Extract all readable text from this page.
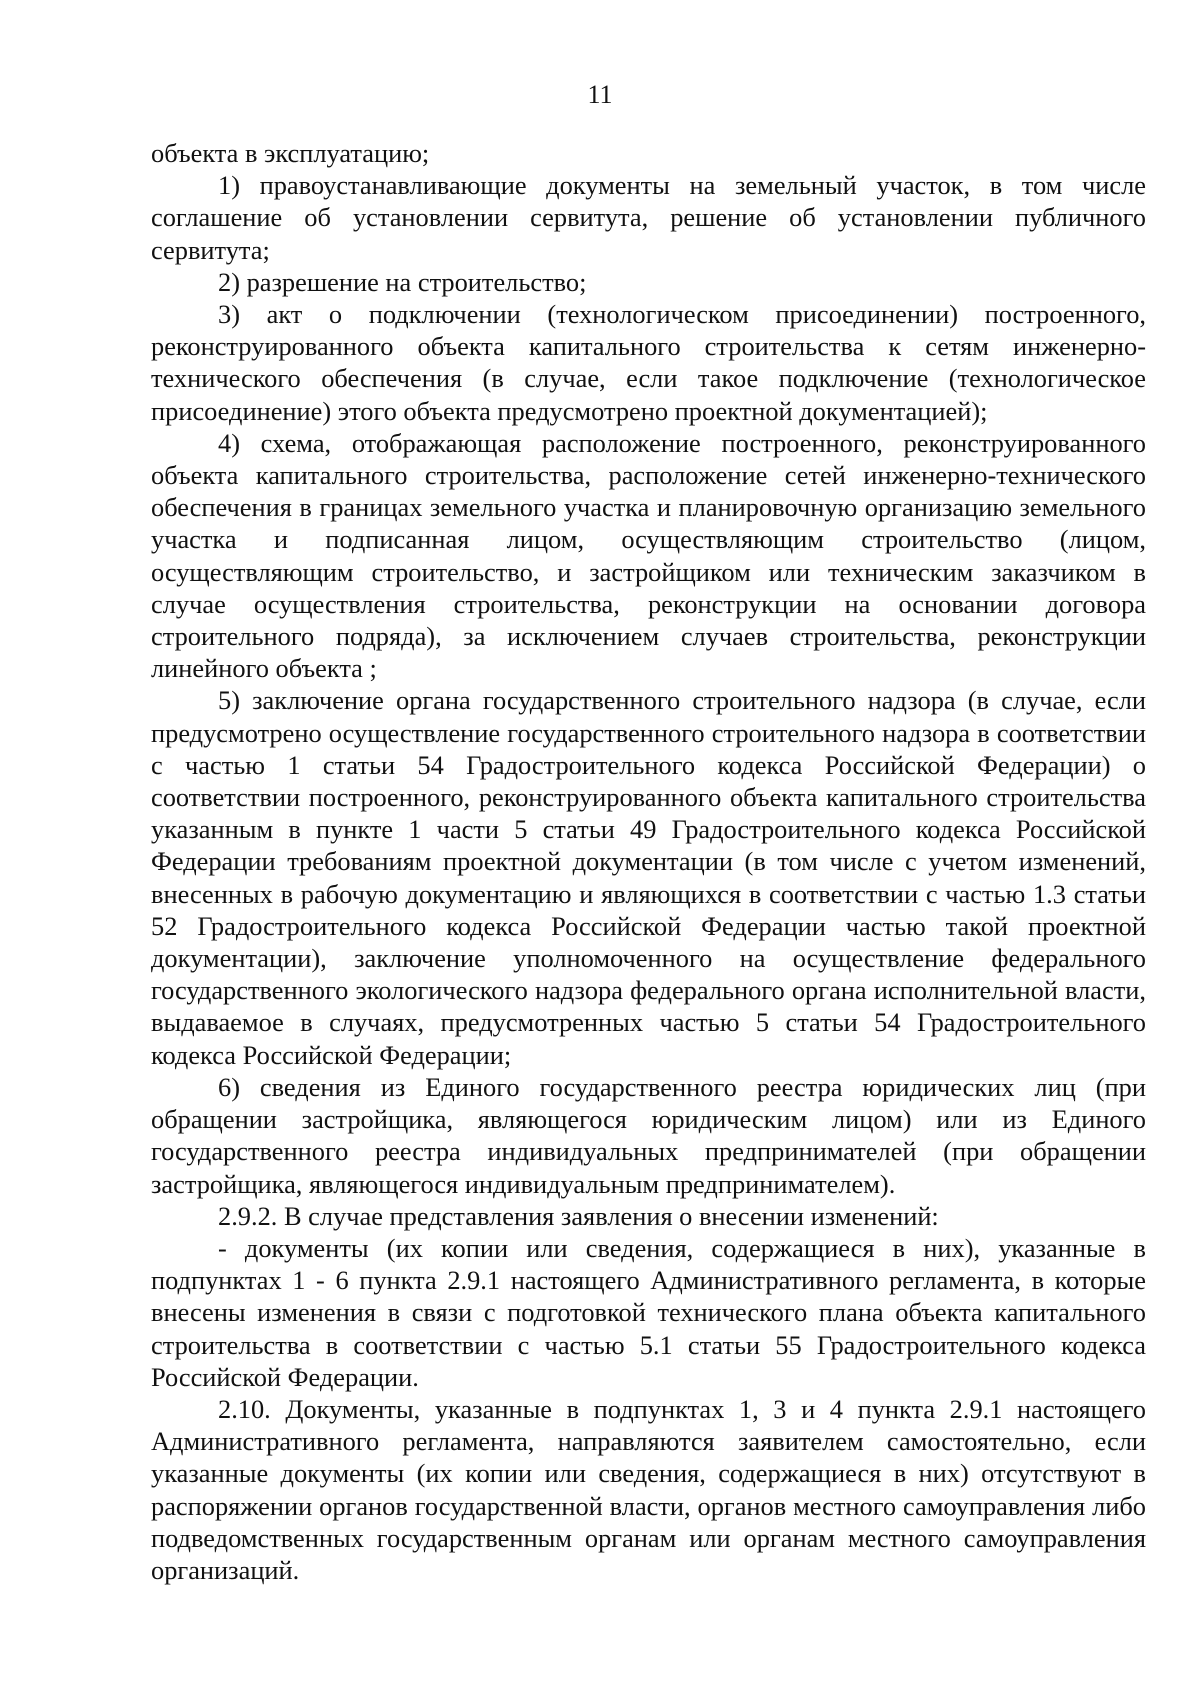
11

объекта в эксплуатацию;

1) правоустанавливающие документы на земельный участок, в том числе соглашение об установлении сервитута, решение об установлении публичного сервитута;

2) разрешение на строительство;

3) акт о подключении (технологическом присоединении) построенного, реконструированного объекта капитального строительства к сетям инженерно-технического обеспечения (в случае, если такое подключение (технологическое присоединение) этого объекта предусмотрено проектной документацией);

4) схема, отображающая расположение построенного, реконструированного объекта капитального строительства, расположение сетей инженерно-технического обеспечения в границах земельного участка и планировочную организацию земельного участка и подписанная лицом, осуществляющим строительство (лицом, осуществляющим строительство, и застройщиком или техническим заказчиком в случае осуществления строительства, реконструкции на основании договора строительного подряда), за исключением случаев строительства, реконструкции линейного объекта ;

5) заключение органа государственного строительного надзора (в случае, если предусмотрено осуществление государственного строительного надзора в соответствии с частью 1 статьи 54 Градостроительного кодекса Российской Федерации) о соответствии построенного, реконструированного объекта капитального строительства указанным в пункте 1 части 5 статьи 49 Градостроительного кодекса Российской Федерации требованиям проектной документации (в том числе с учетом изменений, внесенных в рабочую документацию и являющихся в соответствии с частью 1.3 статьи 52 Градостроительного кодекса Российской Федерации частью такой проектной документации), заключение уполномоченного на осуществление федерального государственного экологического надзора федерального органа исполнительной власти, выдаваемое в случаях, предусмотренных частью 5 статьи 54 Градостроительного кодекса Российской Федерации;

6) сведения из Единого государственного реестра юридических лиц (при обращении застройщика, являющегося юридическим лицом) или из Единого государственного реестра индивидуальных предпринимателей (при обращении застройщика, являющегося индивидуальным предпринимателем).

2.9.2. В случае представления заявления о внесении изменений:

- документы (их копии или сведения, содержащиеся в них), указанные в подпунктах 1 - 6 пункта 2.9.1 настоящего Административного регламента, в которые внесены изменения в связи с подготовкой технического плана объекта капитального строительства в соответствии с частью 5.1 статьи 55 Градостроительного кодекса Российской Федерации.

2.10. Документы, указанные в подпунктах 1, 3 и 4 пункта 2.9.1 настоящего Административного регламента, направляются заявителем самостоятельно, если указанные документы (их копии или сведения, содержащиеся в них) отсутствуют в распоряжении органов государственной власти, органов местного самоуправления либо подведомственных государственным органам или органам местного самоуправления организаций.
